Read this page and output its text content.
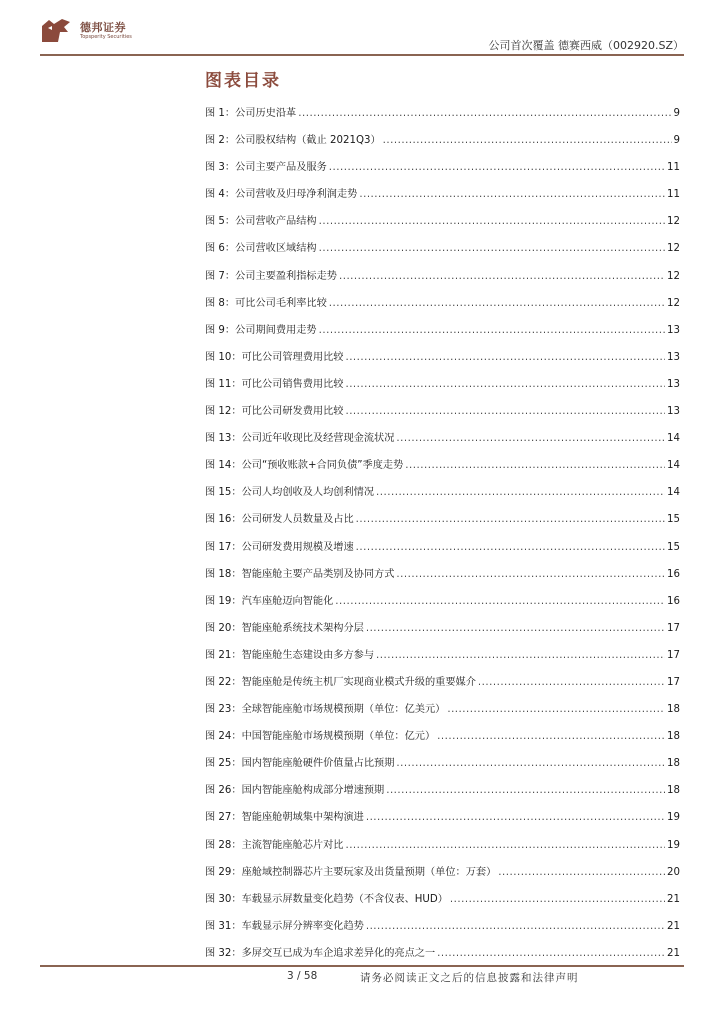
德邦证券
Topsperity Securities
公司首次覆盖 德赛西威（002920.SZ）
图表目录
图 1：公司历史沿革 .....	9
图 2：公司股权结构（截止 2021Q3） .....	9
图 3：公司主要产品及服务 .....	11
图 4：公司营收及归母净利润走势 .....	11
图 5：公司营收产品结构 .....	12
图 6：公司营收区域结构 .....	12
图 7：公司主要盈利指标走势 .....	12
图 8：可比公司毛利率比较 .....	12
图 9：公司期间费用走势 .....	13
图 10：可比公司管理费用比较 .....	13
图 11：可比公司销售费用比较 .....	13
图 12：可比公司研发费用比较 .....	13
图 13：公司近年收现比及经营现金流状况 .....	14
图 14：公司“预收账款+合同负债”季度走势 .....	14
图 15：公司人均创收及人均创利情况 .....	14
图 16：公司研发人员数量及占比 .....	15
图 17：公司研发费用规模及增速 .....	15
图 18：智能座舱主要产品类别及协同方式 .....	16
图 19：汽车座舱迈向智能化 .....	16
图 20：智能座舱系统技术架构分层 .....	17
图 21：智能座舱生态建设由多方参与 .....	17
图 22：智能座舱是传统主机厂实现商业模式升级的重要媒介 .....	17
图 23：全球智能座舱市场规模预期（单位：亿美元） .....	18
图 24：中国智能座舱市场规模预期（单位：亿元） .....	18
图 25：国内智能座舱硬件价值量占比预期 .....	18
图 26：国内智能座舱构成部分增速预期 .....	18
图 27：智能座舱朝域集中架构演进 .....	19
图 28：主流智能座舱芯片对比 .....	19
图 29：座舱域控制器芯片主要玩家及出货量预期（单位：万套） .....	20
图 30：车载显示屏数量变化趋势（不含仪表、HUD） .....	21
图 31：车载显示屏分辨率变化趋势 .....	21
图 32：多屏交互已成为车企追求差异化的亮点之一 .....	21
3 / 58	请务必阅读正文之后的信息披露和法律声明
